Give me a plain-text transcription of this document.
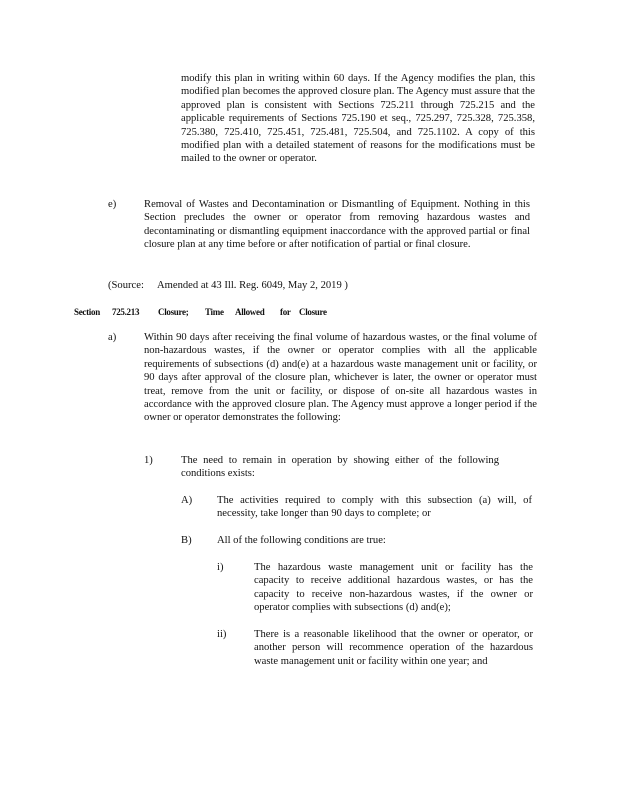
modify this plan in writing within 60 days. If the Agency modifies the plan, this modified plan becomes the approved closure plan. The Agency must assure that the approved plan is consistent with Sections 725.211 through 725.215 and the applicable requirements of Sections 725.190 et seq., 725.297, 725.328, 725.358, 725.380, 725.410, 725.451, 725.481, 725.504, and 725.1102. A copy of this modified plan with a detailed statement of reasons for the modifications must be mailed to the owner or operator.

e)	Removal of Wastes and Decontamination or Dismantling of Equipment. Nothing in this Section precludes the owner or operator from removing hazardous wastes and decontaminating or dismantling equipment inaccordance with the approved partial or final closure plan at any time before or after notification of partial or final closure.

(Source: Amended at 43 Ill. Reg. 6049, May 2, 2019 )
Section 725.213 Closure; Time Allowed for Closure
a)	Within 90 days after receiving the final volume of hazardous wastes, or the final volume of non-hazardous wastes, if the owner or operator complies with all the applicable requirements of subsections (d) and(e) at a hazardous waste management unit or facility, or 90 days after approval of the closure plan, whichever is later, the owner or operator must treat, remove from the unit or facility, or dispose of on-site all hazardous wastes in accordance with the approved closure plan. The Agency must approve a longer period if the owner or operator demonstrates the following:

1)	The need to remain in operation by showing either of the following conditions exists:

A) The activities required to comply with this subsection (a) will, of necessity, take longer than 90 days to complete; or

B) All of the following conditions are true:

i)	The hazardous waste management unit or facility has the capacity to receive additional hazardous wastes, or has the capacity to receive non-hazardous wastes, if the owner or operator complies with subsections (d) and(e);

ii)	There is a reasonable likelihood that the owner or operator, or another person will recommence operation of the hazardous waste management unit or facility within one year; and
